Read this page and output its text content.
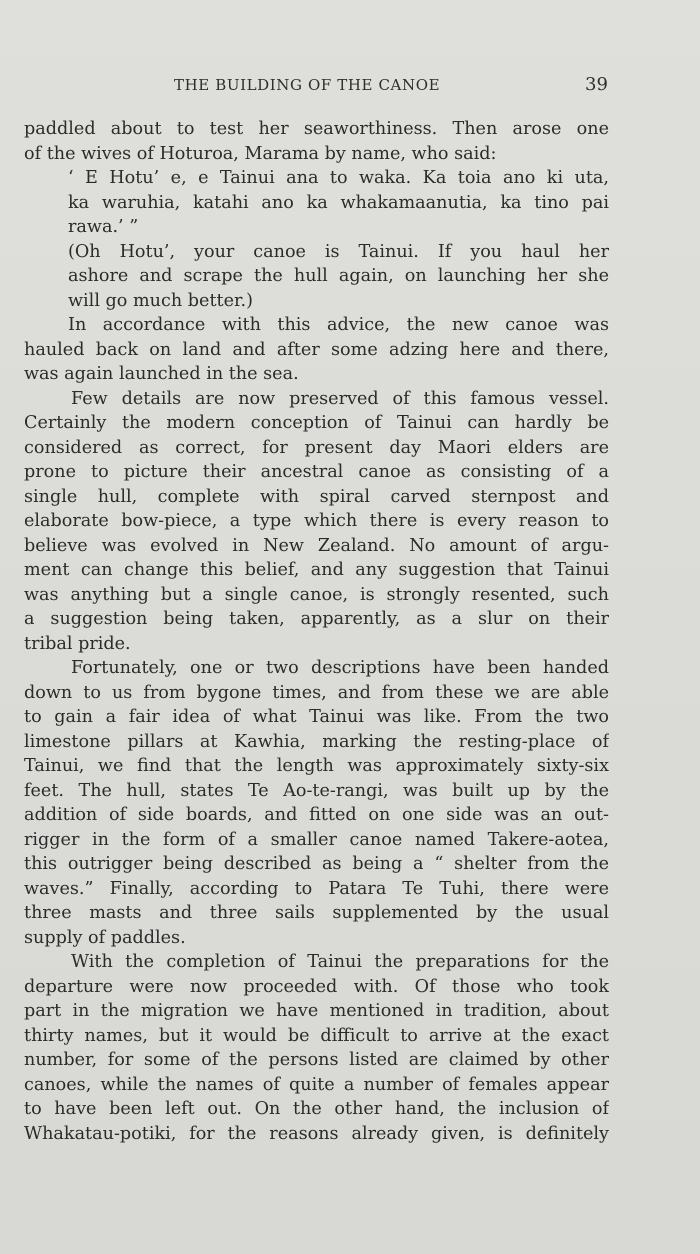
THE BUILDING OF THE CANOE	39
paddled about to test her seaworthiness. Then arose one
of the wives of Hoturoa, Marama by name, who said:
‘ E Hotu’ e, e Tainui ana to waka. Ka toia ano ki uta,
ka waruhia, katahi ano ka whakamaanutia, ka tino pai
rawa.’ ”
(Oh Hotu’, your canoe is Tainui. If you haul her
ashore and scrape the hull again, on launching her she
will go much better.)
In accordance with this advice, the new canoe was
hauled back on land and after some adzing here and there,
was again launched in the sea.
Few details are now preserved of this famous vessel.
Certainly the modern conception of Tainui can hardly be
considered as correct, for present day Maori elders are
prone to picture their ancestral canoe as consisting of a
single hull, complete with spiral carved sternpost and
elaborate bow-piece, a type which there is every reason to
believe was evolved in New Zealand. No amount of argu-
ment can change this belief, and any suggestion that Tainui
was anything but a single canoe, is strongly resented, such
a suggestion being taken, apparently, as a slur on their
tribal pride.
Fortunately, one or two descriptions have been handed
down to us from bygone times, and from these we are able
to gain a fair idea of what Tainui was like. From the two
limestone pillars at Kawhia, marking the resting-place of
Tainui, we find that the length was approximately sixty-six
feet. The hull, states Te Ao-te-rangi, was built up by the
addition of side boards, and fitted on one side was an out-
rigger in the form of a smaller canoe named Takere-aotea,
this outrigger being described as being a “ shelter from the
waves.” Finally, according to Patara Te Tuhi, there were
three masts and three sails supplemented by the usual
supply of paddles.
With the completion of Tainui the preparations for the
departure were now proceeded with. Of those who took
part in the migration we have mentioned in tradition, about
thirty names, but it would be difficult to arrive at the exact
number, for some of the persons listed are claimed by other
canoes, while the names of quite a number of females appear
to have been left out. On the other hand, the inclusion of
Whakatau-potiki, for the reasons already given, is definitely
